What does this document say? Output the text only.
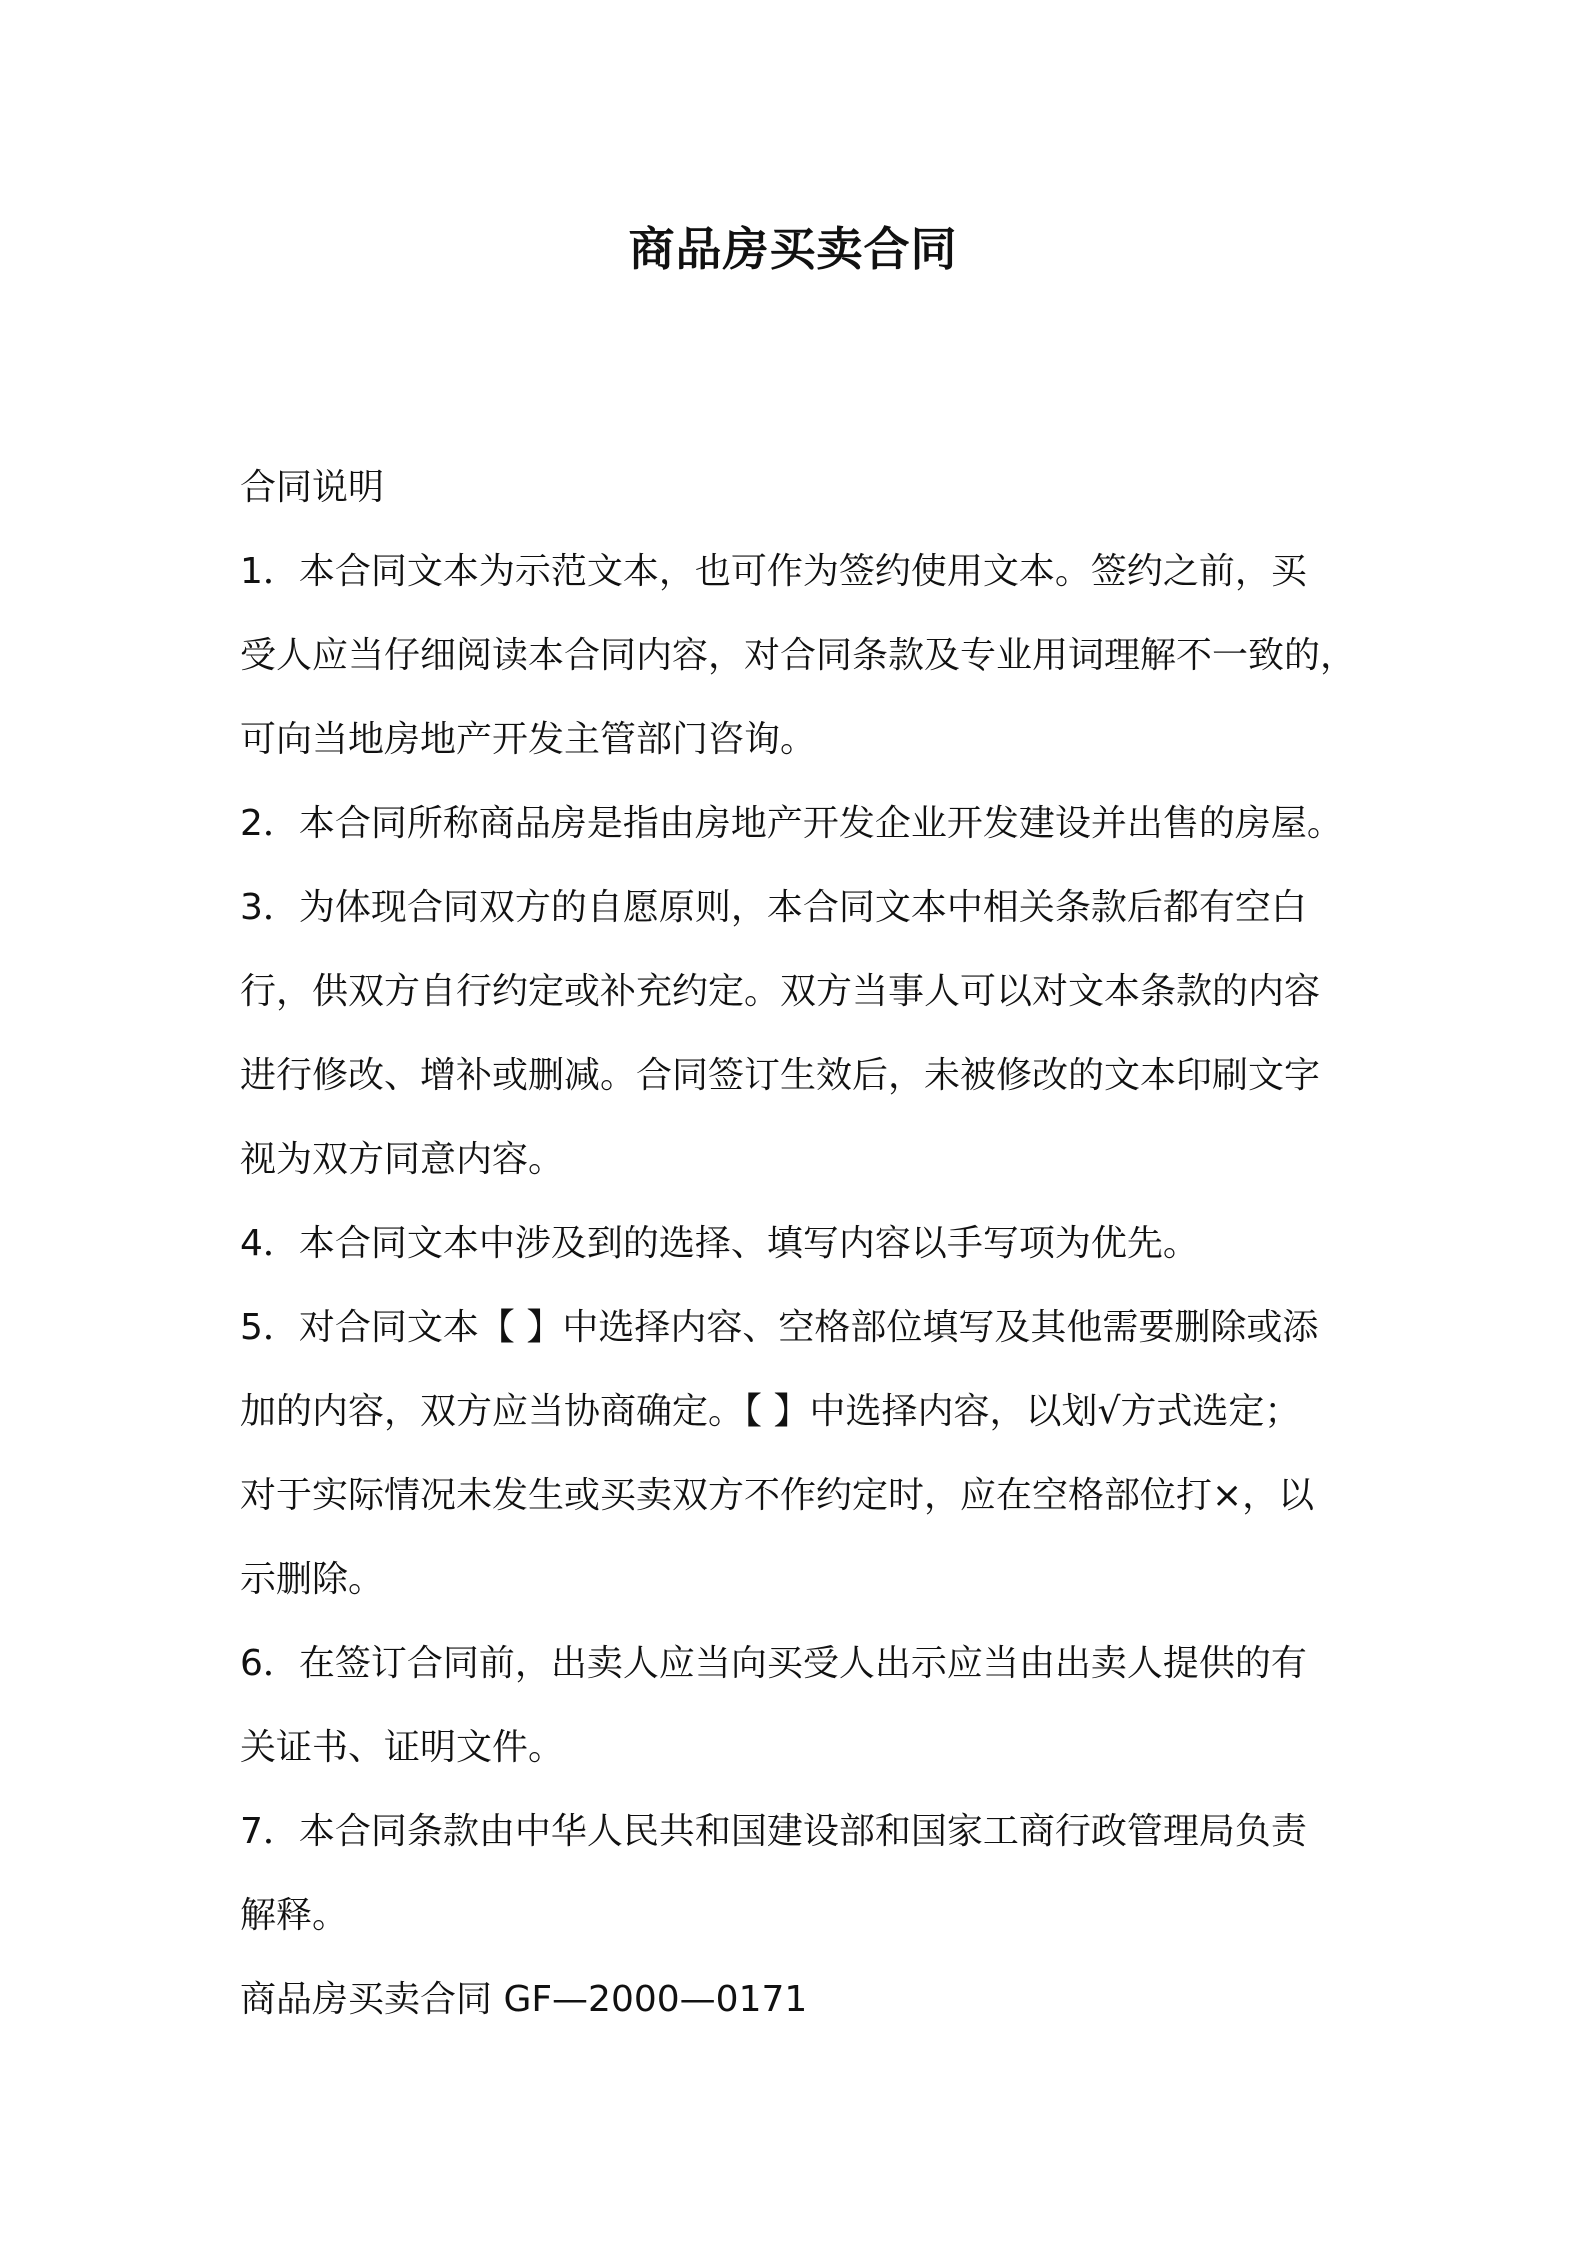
商品房买卖合同

合同说明

1．本合同文本为示范文本，也可作为签约使用文本。签约之前，买
受人应当仔细阅读本合同内容，对合同条款及专业用词理解不一致的，
可向当地房地产开发主管部门咨询。

2．本合同所称商品房是指由房地产开发企业开发建设并出售的房屋。

3．为体现合同双方的自愿原则，本合同文本中相关条款后都有空白
行，供双方自行约定或补充约定。双方当事人可以对文本条款的内容
进行修改、增补或删减。合同签订生效后，未被修改的文本印刷文字
视为双方同意内容。

4．本合同文本中涉及到的选择、填写内容以手写项为优先。

5．对合同文本【 】中选择内容、空格部位填写及其他需要删除或添
加的内容，双方应当协商确定。【 】中选择内容，以划√方式选定；
对于实际情况未发生或买卖双方不作约定时，应在空格部位打×，以
示删除。

6．在签订合同前，出卖人应当向买受人出示应当由出卖人提供的有
关证书、证明文件。

7．本合同条款由中华人民共和国建设部和国家工商行政管理局负责
解释。

商品房买卖合同 GF—2000—0171
